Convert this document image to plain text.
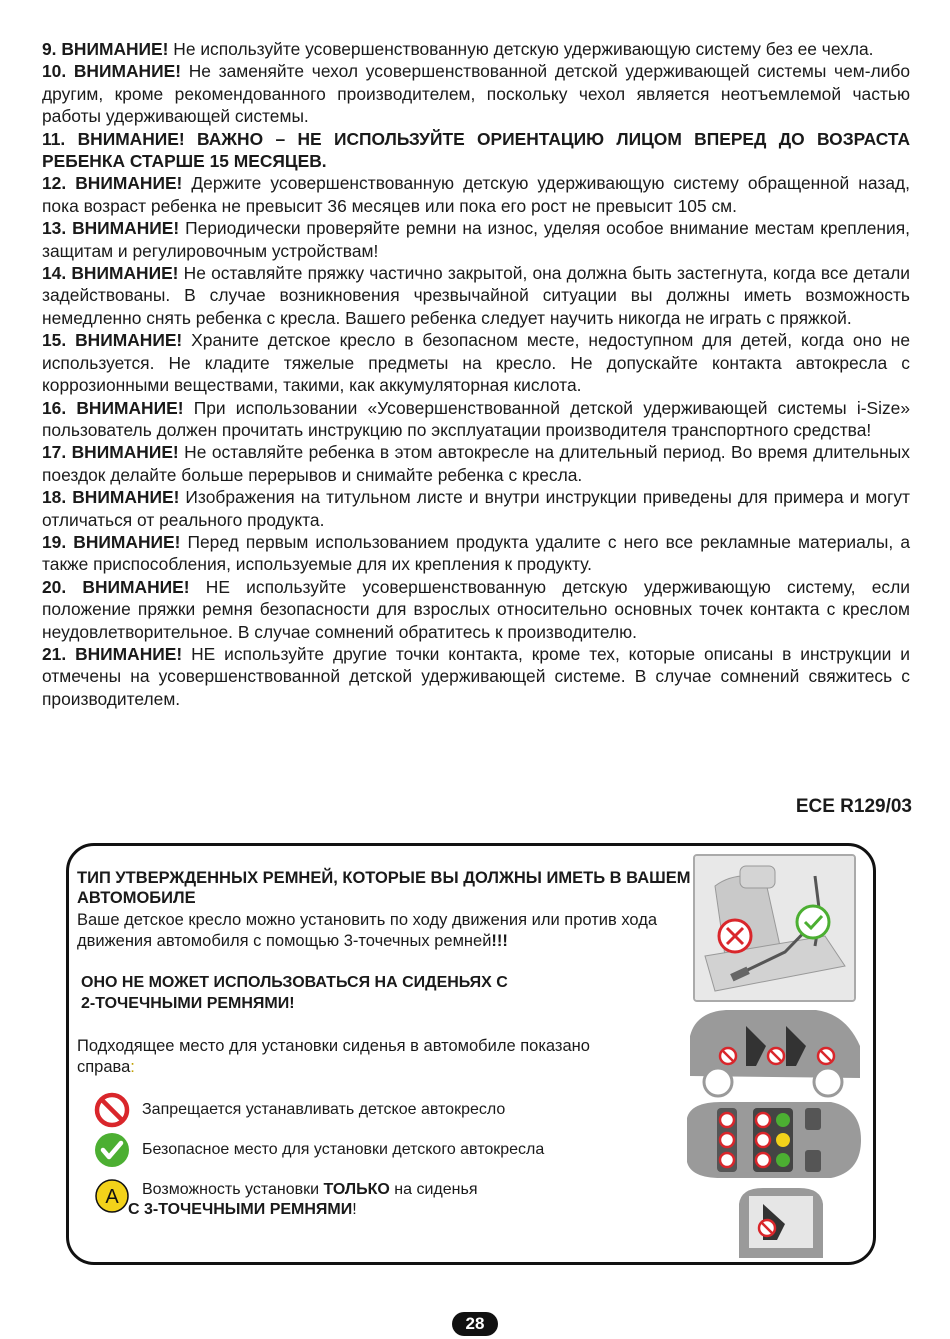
9. ВНИМАНИЕ! Не используйте усовершенствованную детскую удерживающую систему без ее чехла.

10. ВНИМАНИЕ! Не заменяйте чехол усовершенствованной детской удерживающей системы чем-либо другим, кроме рекомендованного производителем, поскольку чехол является неотъемлемой частью работы удерживающей системы.

11. ВНИМАНИЕ! ВАЖНО – НЕ ИСПОЛЬЗУЙТЕ ОРИЕНТАЦИЮ ЛИЦОМ ВПЕРЕД ДО ВОЗРАСТА РЕБЕНКА СТАРШЕ 15 МЕСЯЦЕВ.

12. ВНИМАНИЕ! Держите усовершенствованную детскую удерживающую систему обращенной назад, пока возраст ребенка не превысит 36 месяцев или пока его рост не превысит 105 см.

13. ВНИМАНИЕ! Периодически проверяйте ремни на износ, уделяя особое внимание местам крепления, защитам и регулировочным устройствам!

14. ВНИМАНИЕ! Не оставляйте пряжку частично закрытой, она должна быть застегнута, когда все детали задействованы. В случае возникновения чрезвычайной ситуации вы должны иметь возможность немедленно снять ребенка с кресла. Вашего ребенка следует научить никогда не играть с пряжкой.

15. ВНИМАНИЕ! Храните детское кресло в безопасном месте, недоступном для детей, когда оно не используется. Не кладите тяжелые предметы на кресло. Не допускайте контакта автокресла с коррозионными веществами, такими, как аккумуляторная кислота.

16. ВНИМАНИЕ! При использовании «Усовершенствованной детской удерживающей системы i-Size» пользователь должен прочитать инструкцию по эксплуатации производителя транспортного средства!

17. ВНИМАНИЕ! Не оставляйте ребенка в этом автокресле на длительный период. Во время длительных поездок делайте больше перерывов и снимайте ребенка с кресла.

18. ВНИМАНИЕ! Изображения на титульном листе и внутри инструкции приведены для примера и могут отличаться от реального продукта.

19. ВНИМАНИЕ! Перед первым использованием продукта удалите с него все рекламные материалы, а также приспособления, используемые для их крепления к продукту.

20. ВНИМАНИЕ! НЕ используйте усовершенствованную детскую удерживающую систему, если положение пряжки ремня безопасности для взрослых относительно основных точек контакта с креслом неудовлетворительное. В случае сомнений обратитесь к производителю.

21. ВНИМАНИЕ! НЕ используйте другие точки контакта, кроме тех, которые описаны в инструкции и отмечены на усовершенствованной детской удерживающей системе. В случае сомнений свяжитесь с производителем.

ECE R129/03
ТИП УТВЕРЖДЕННЫХ РЕМНЕЙ, КОТОРЫЕ ВЫ ДОЛЖНЫ ИМЕТЬ В ВАШЕМ АВТОМОБИЛЕ
Ваше детское кресло можно установить по ходу движения или против хода движения автомобиля с помощью 3-точечных ремней!!!
ОНО НЕ МОЖЕТ ИСПОЛЬЗОВАТЬСЯ НА СИДЕНЬЯХ С
2-ТОЧЕЧНЫМИ РЕМНЯМИ!
Подходящее место для установки сиденья в автомобиле показано справа:
Запрещается устанавливать детское автокресло
Безопасное место для установки детского автокресла
A Возможность установки ТОЛЬКО на сиденья
С 3-ТОЧЕЧНЫМИ РЕМНЯМИ!
28
